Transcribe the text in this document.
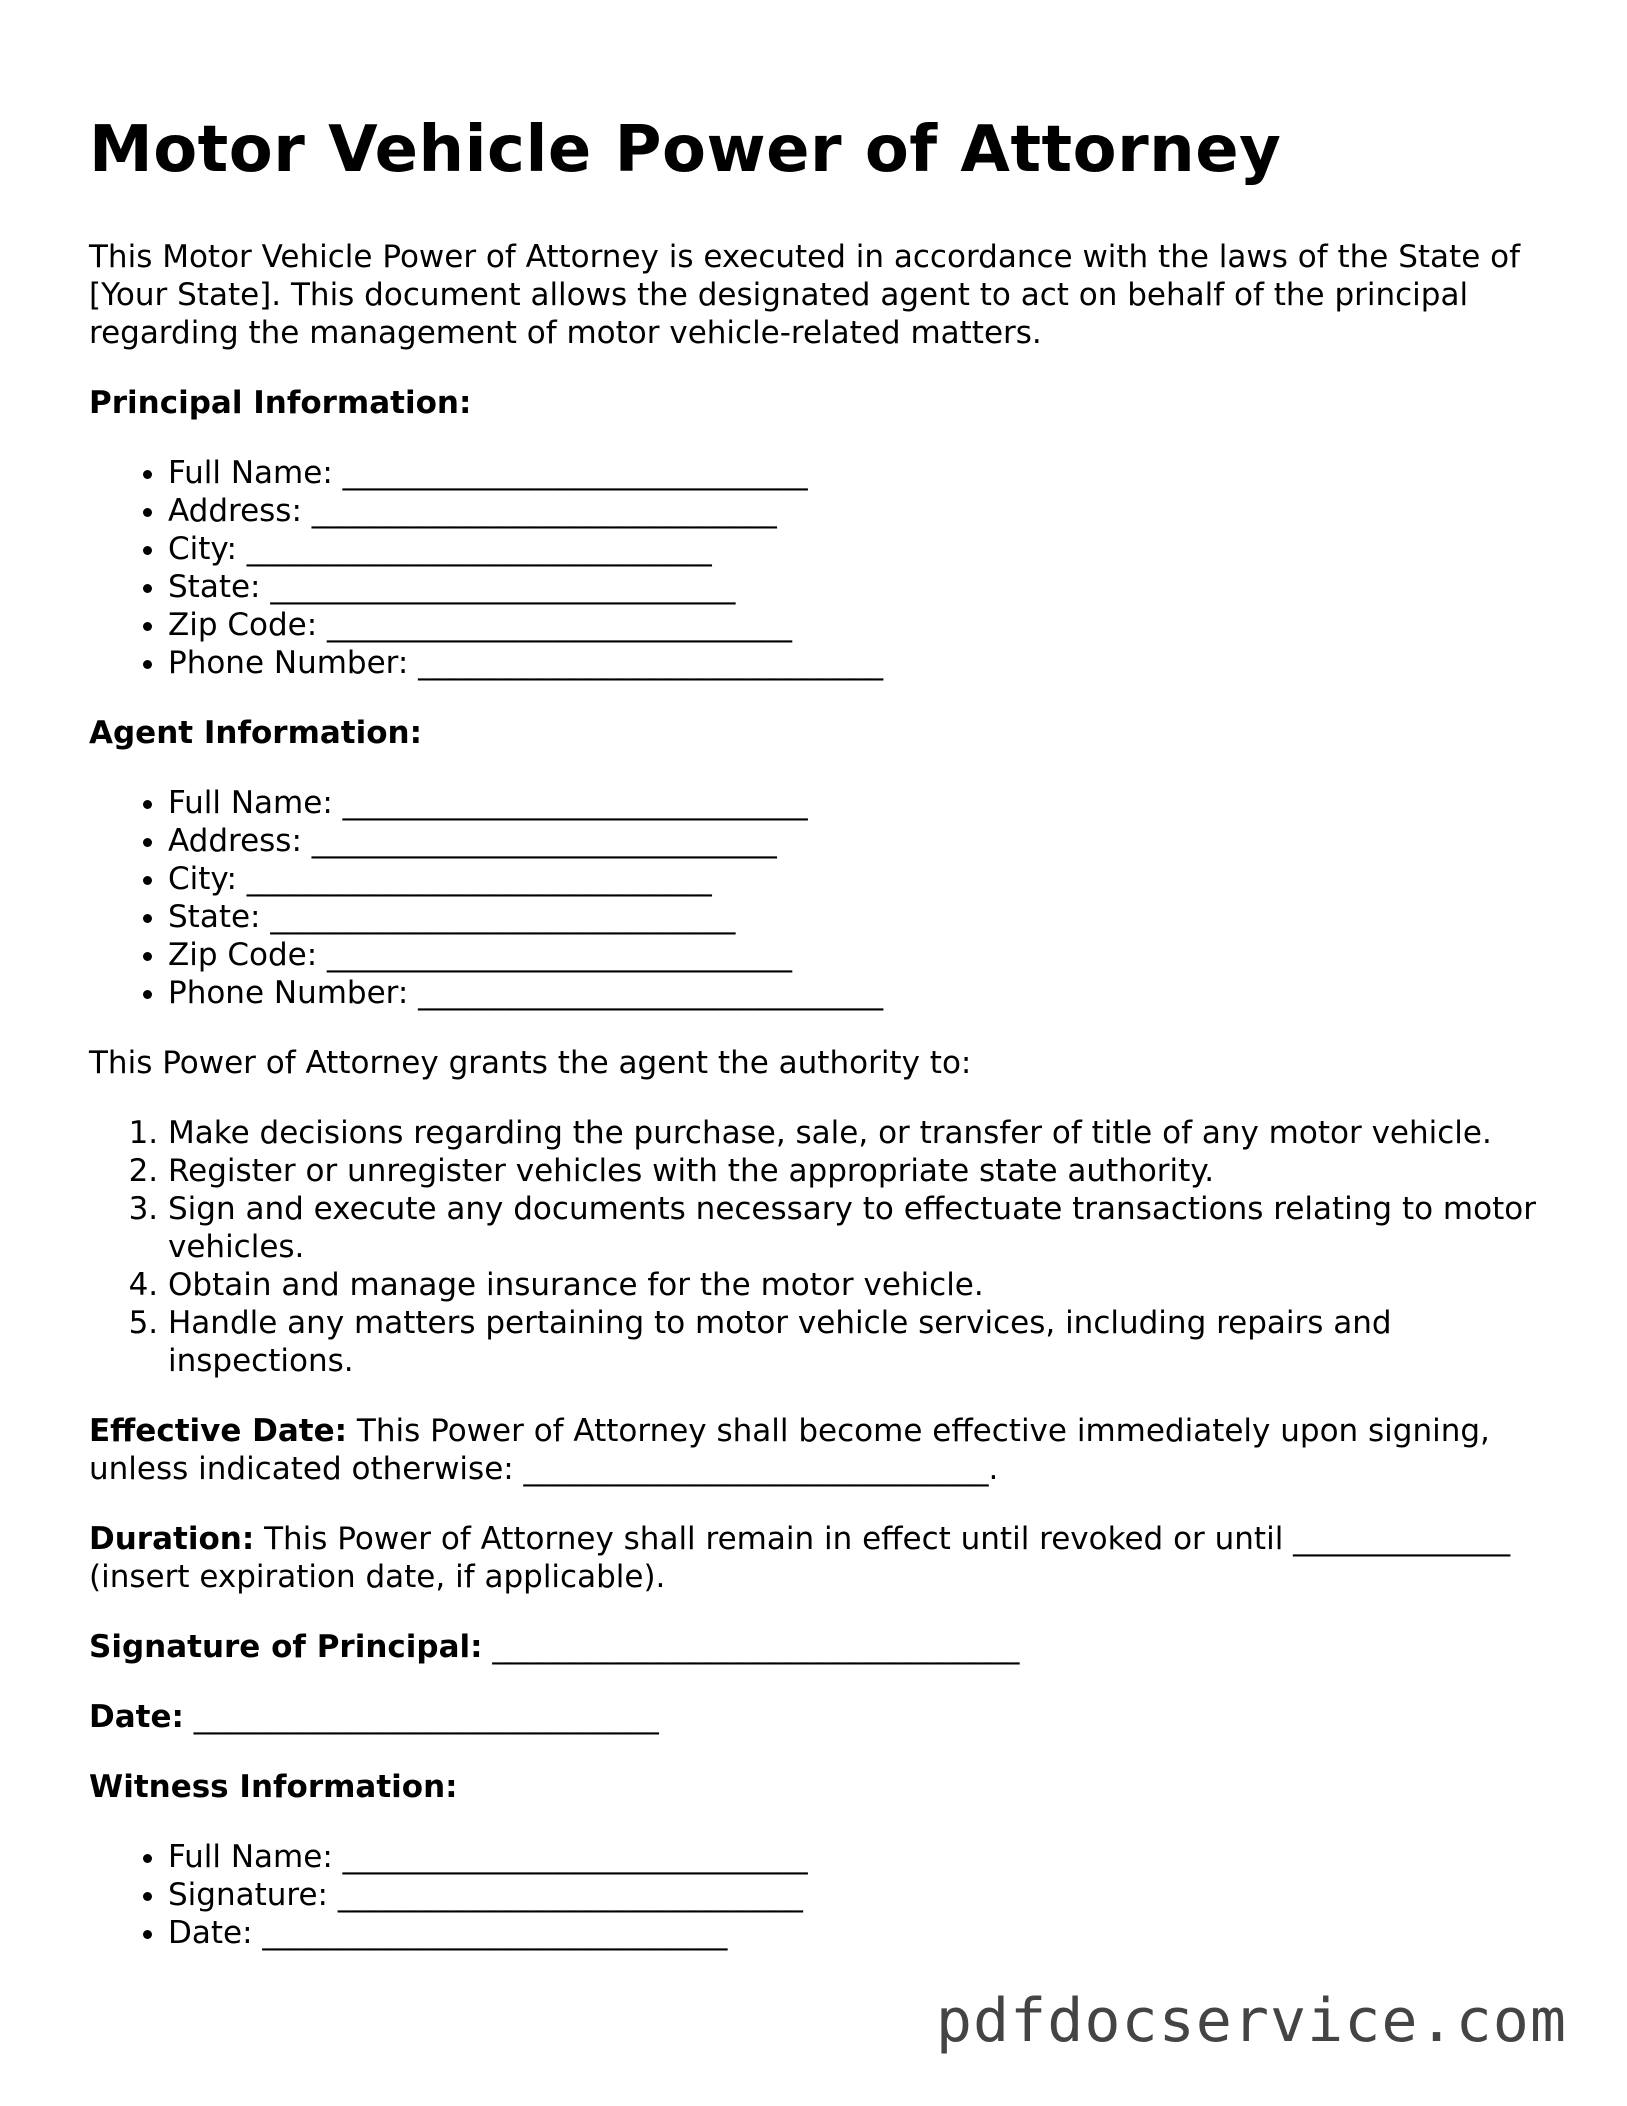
Motor Vehicle Power of Attorney

This Motor Vehicle Power of Attorney is executed in accordance with the laws of the State of [Your State]. This document allows the designated agent to act on behalf of the principal regarding the management of motor vehicle-related matters.

Principal Information:

• Full Name: ______________________________
• Address: ______________________________
• City: ______________________________
• State: ______________________________
• Zip Code: ______________________________
• Phone Number: ______________________________

Agent Information:

• Full Name: ______________________________
• Address: ______________________________
• City: ______________________________
• State: ______________________________
• Zip Code: ______________________________
• Phone Number: ______________________________

This Power of Attorney grants the agent the authority to:

1. Make decisions regarding the purchase, sale, or transfer of title of any motor vehicle.
2. Register or unregister vehicles with the appropriate state authority.
3. Sign and execute any documents necessary to effectuate transactions relating to motor vehicles.
4. Obtain and manage insurance for the motor vehicle.
5. Handle any matters pertaining to motor vehicle services, including repairs and inspections.

Effective Date: This Power of Attorney shall become effective immediately upon signing, unless indicated otherwise: ______________________________.

Duration: This Power of Attorney shall remain in effect until revoked or until ______________ (insert expiration date, if applicable).

Signature of Principal: __________________________________

Date: ______________________________

Witness Information:

• Full Name: ______________________________
• Signature: ______________________________
• Date: ______________________________
pdfdocservice.com
